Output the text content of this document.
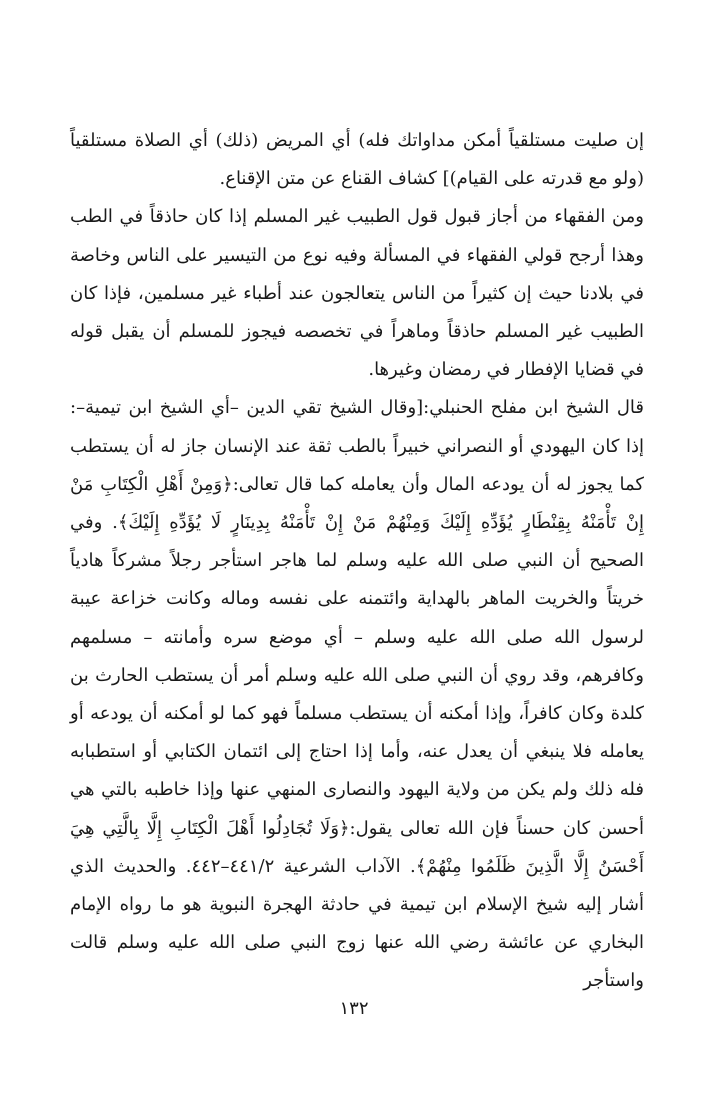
إن صليت مستلقياً أمكن مداواتك فله) أي المريض (ذلك) أي الصلاة مستلقياً (ولو مع قدرته على القيام)] كشاف القناع عن متن الإقناع.

ومن الفقهاء من أجاز قبول قول الطبيب غير المسلم إذا كان حاذقاً في الطب وهذا أرجح قولي الفقهاء في المسألة وفيه نوع من التيسير على الناس وخاصة في بلادنا حيث إن كثيراً من الناس يتعالجون عند أطباء غير مسلمين، فإذا كان الطبيب غير المسلم حاذقاً وماهراً في تخصصه فيجوز للمسلم أن يقبل قوله في قضايا الإفطار في رمضان وغيرها.

قال الشيخ ابن مفلح الحنبلي:[وقال الشيخ تقي الدين –أي الشيخ ابن تيمية–: إذا كان اليهودي أو النصراني خبيراً بالطب ثقة عند الإنسان جاز له أن يستطب كما يجوز له أن يودعه المال وأن يعامله كما قال تعالى:﴿وَمِنْ أَهْلِ الْكِتَابِ مَنْ إِنْ تَأْمَنْهُ بِقِنْطَارٍ يُؤَدِّهِ إِلَيْكَ وَمِنْهُمْ مَنْ إِنْ تَأْمَنْهُ بِدِينَارٍ لَا يُؤَدِّهِ إِلَيْكَ﴾. وفي الصحيح أن النبي صلى الله عليه وسلم لما هاجر استأجر رجلاً مشركاً هادياً خريتاً والخريت الماهر بالهداية وائتمنه على نفسه وماله وكانت خزاعة عيبة لرسول الله صلى الله عليه وسلم – أي موضع سره وأمانته – مسلمهم وكافرهم، وقد روي أن النبي صلى الله عليه وسلم أمر أن يستطب الحارث بن كلدة وكان كافراً، وإذا أمكنه أن يستطب مسلماً فهو كما لو أمكنه أن يودعه أو يعامله فلا ينبغي أن يعدل عنه، وأما إذا احتاج إلى ائتمان الكتابي أو استطبابه فله ذلك ولم يكن من ولاية اليهود والنصارى المنهي عنها وإذا خاطبه بالتي هي أحسن كان حسناً فإن الله تعالى يقول:﴿وَلَا تُجَادِلُوا أَهْلَ الْكِتَابِ إِلَّا بِالَّتِي هِيَ أَحْسَنُ إِلَّا الَّذِينَ ظَلَمُوا مِنْهُمْ﴾. الآداب الشرعية ٤٤١/٢–٤٤٢. والحديث الذي أشار إليه شيخ الإسلام ابن تيمية في حادثة الهجرة النبوية هو ما رواه الإمام البخاري عن عائشة رضي الله عنها زوج النبي صلى الله عليه وسلم قالت واستأجر

١٣٢
